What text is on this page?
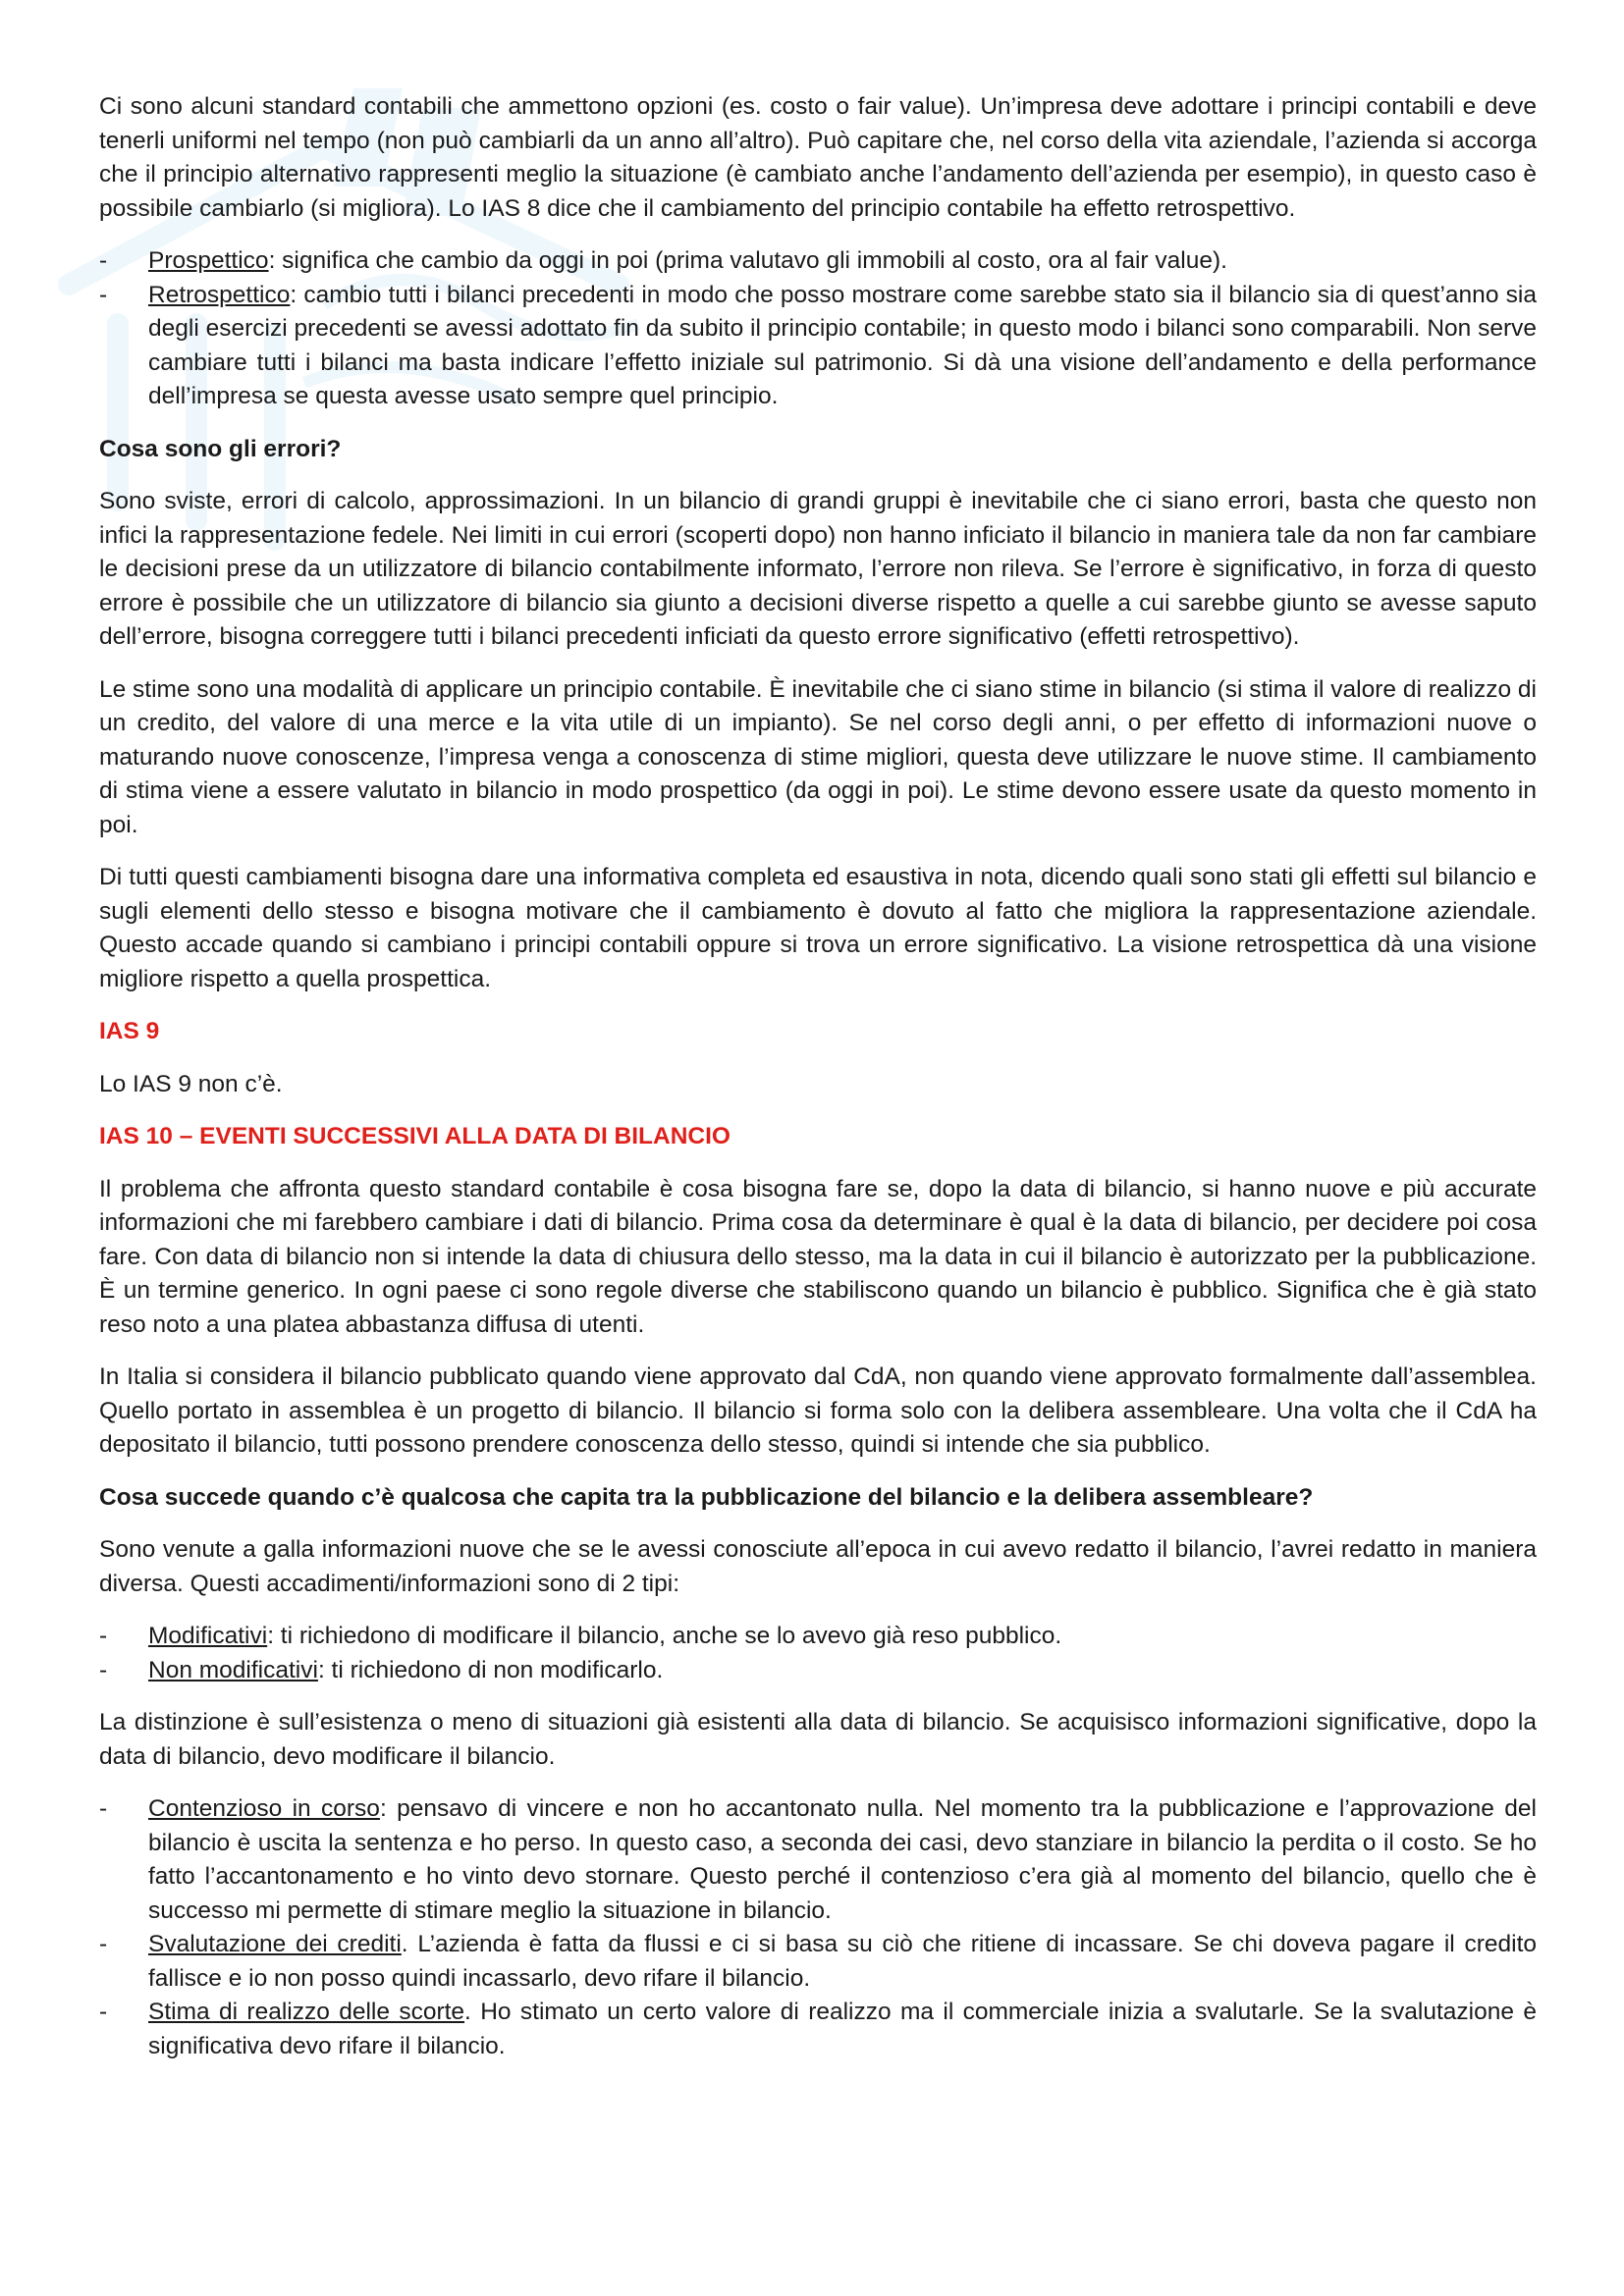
Ci sono alcuni standard contabili che ammettono opzioni (es. costo o fair value). Un’impresa deve adottare i principi contabili e deve tenerli uniformi nel tempo (non può cambiarli da un anno all’altro). Può capitare che, nel corso della vita aziendale, l’azienda si accorga che il principio alternativo rappresenti meglio la situazione (è cambiato anche l’andamento dell’azienda per esempio), in questo caso è possibile cambiarlo (si migliora). Lo IAS 8 dice che il cambiamento del principio contabile ha effetto retrospettivo.

- Prospettico: significa che cambio da oggi in poi (prima valutavo gli immobili al costo, ora al fair value).
- Retrospettico: cambio tutti i bilanci precedenti in modo che posso mostrare come sarebbe stato sia il bilancio sia di quest’anno sia degli esercizi precedenti se avessi adottato fin da subito il principio contabile; in questo modo i bilanci sono comparabili. Non serve cambiare tutti i bilanci ma basta indicare l’effetto iniziale sul patrimonio. Si dà una visione dell’andamento e della performance dell’impresa se questa avesse usato sempre quel principio.

Cosa sono gli errori?

Sono sviste, errori di calcolo, approssimazioni. In un bilancio di grandi gruppi è inevitabile che ci siano errori, basta che questo non infici la rappresentazione fedele. Nei limiti in cui errori (scoperti dopo) non hanno inficiato il bilancio in maniera tale da non far cambiare le decisioni prese da un utilizzatore di bilancio contabilmente informato, l’errore non rileva. Se l’errore è significativo, in forza di questo errore è possibile che un utilizzatore di bilancio sia giunto a decisioni diverse rispetto a quelle a cui sarebbe giunto se avesse saputo dell’errore, bisogna correggere tutti i bilanci precedenti inficiati da questo errore significativo (effetti retrospettivo).

Le stime sono una modalità di applicare un principio contabile. È inevitabile che ci siano stime in bilancio (si stima il valore di realizzo di un credito, del valore di una merce e la vita utile di un impianto). Se nel corso degli anni, o per effetto di informazioni nuove o maturando nuove conoscenze, l’impresa venga a conoscenza di stime migliori, questa deve utilizzare le nuove stime. Il cambiamento di stima viene a essere valutato in bilancio in modo prospettico (da oggi in poi). Le stime devono essere usate da questo momento in poi.

Di tutti questi cambiamenti bisogna dare una informativa completa ed esaustiva in nota, dicendo quali sono stati gli effetti sul bilancio e sugli elementi dello stesso e bisogna motivare che il cambiamento è dovuto al fatto che migliora la rappresentazione aziendale. Questo accade quando si cambiano i principi contabili oppure si trova un errore significativo. La visione retrospettica dà una visione migliore rispetto a quella prospettica.

IAS 9

Lo IAS 9 non c’è.

IAS 10 – EVENTI SUCCESSIVI ALLA DATA DI BILANCIO

Il problema che affronta questo standard contabile è cosa bisogna fare se, dopo la data di bilancio, si hanno nuove e più accurate informazioni che mi farebbero cambiare i dati di bilancio. Prima cosa da determinare è qual è la data di bilancio, per decidere poi cosa fare. Con data di bilancio non si intende la data di chiusura dello stesso, ma la data in cui il bilancio è autorizzato per la pubblicazione. È un termine generico. In ogni paese ci sono regole diverse che stabiliscono quando un bilancio è pubblico. Significa che è già stato reso noto a una platea abbastanza diffusa di utenti.

In Italia si considera il bilancio pubblicato quando viene approvato dal CdA, non quando viene approvato formalmente dall’assemblea. Quello portato in assemblea è un progetto di bilancio. Il bilancio si forma solo con la delibera assembleare. Una volta che il CdA ha depositato il bilancio, tutti possono prendere conoscenza dello stesso, quindi si intende che sia pubblico.

Cosa succede quando c’è qualcosa che capita tra la pubblicazione del bilancio e la delibera assembleare?

Sono venute a galla informazioni nuove che se le avessi conosciute all’epoca in cui avevo redatto il bilancio, l’avrei redatto in maniera diversa. Questi accadimenti/informazioni sono di 2 tipi:

- Modificativi: ti richiedono di modificare il bilancio, anche se lo avevo già reso pubblico.
- Non modificativi: ti richiedono di non modificarlo.

La distinzione è sull’esistenza o meno di situazioni già esistenti alla data di bilancio. Se acquisisco informazioni significative, dopo la data di bilancio, devo modificare il bilancio.

- Contenzioso in corso: pensavo di vincere e non ho accantonato nulla. Nel momento tra la pubblicazione e l’approvazione del bilancio è uscita la sentenza e ho perso. In questo caso, a seconda dei casi, devo stanziare in bilancio la perdita o il costo. Se ho fatto l’accantonamento e ho vinto devo stornare. Questo perché il contenzioso c’era già al momento del bilancio, quello che è successo mi permette di stimare meglio la situazione in bilancio.
- Svalutazione dei crediti. L’azienda è fatta da flussi e ci si basa su ciò che ritiene di incassare. Se chi doveva pagare il credito fallisce e io non posso quindi incassarlo, devo rifare il bilancio.
- Stima di realizzo delle scorte. Ho stimato un certo valore di realizzo ma il commerciale inizia a svalutarle. Se la svalutazione è significativa devo rifare il bilancio.
